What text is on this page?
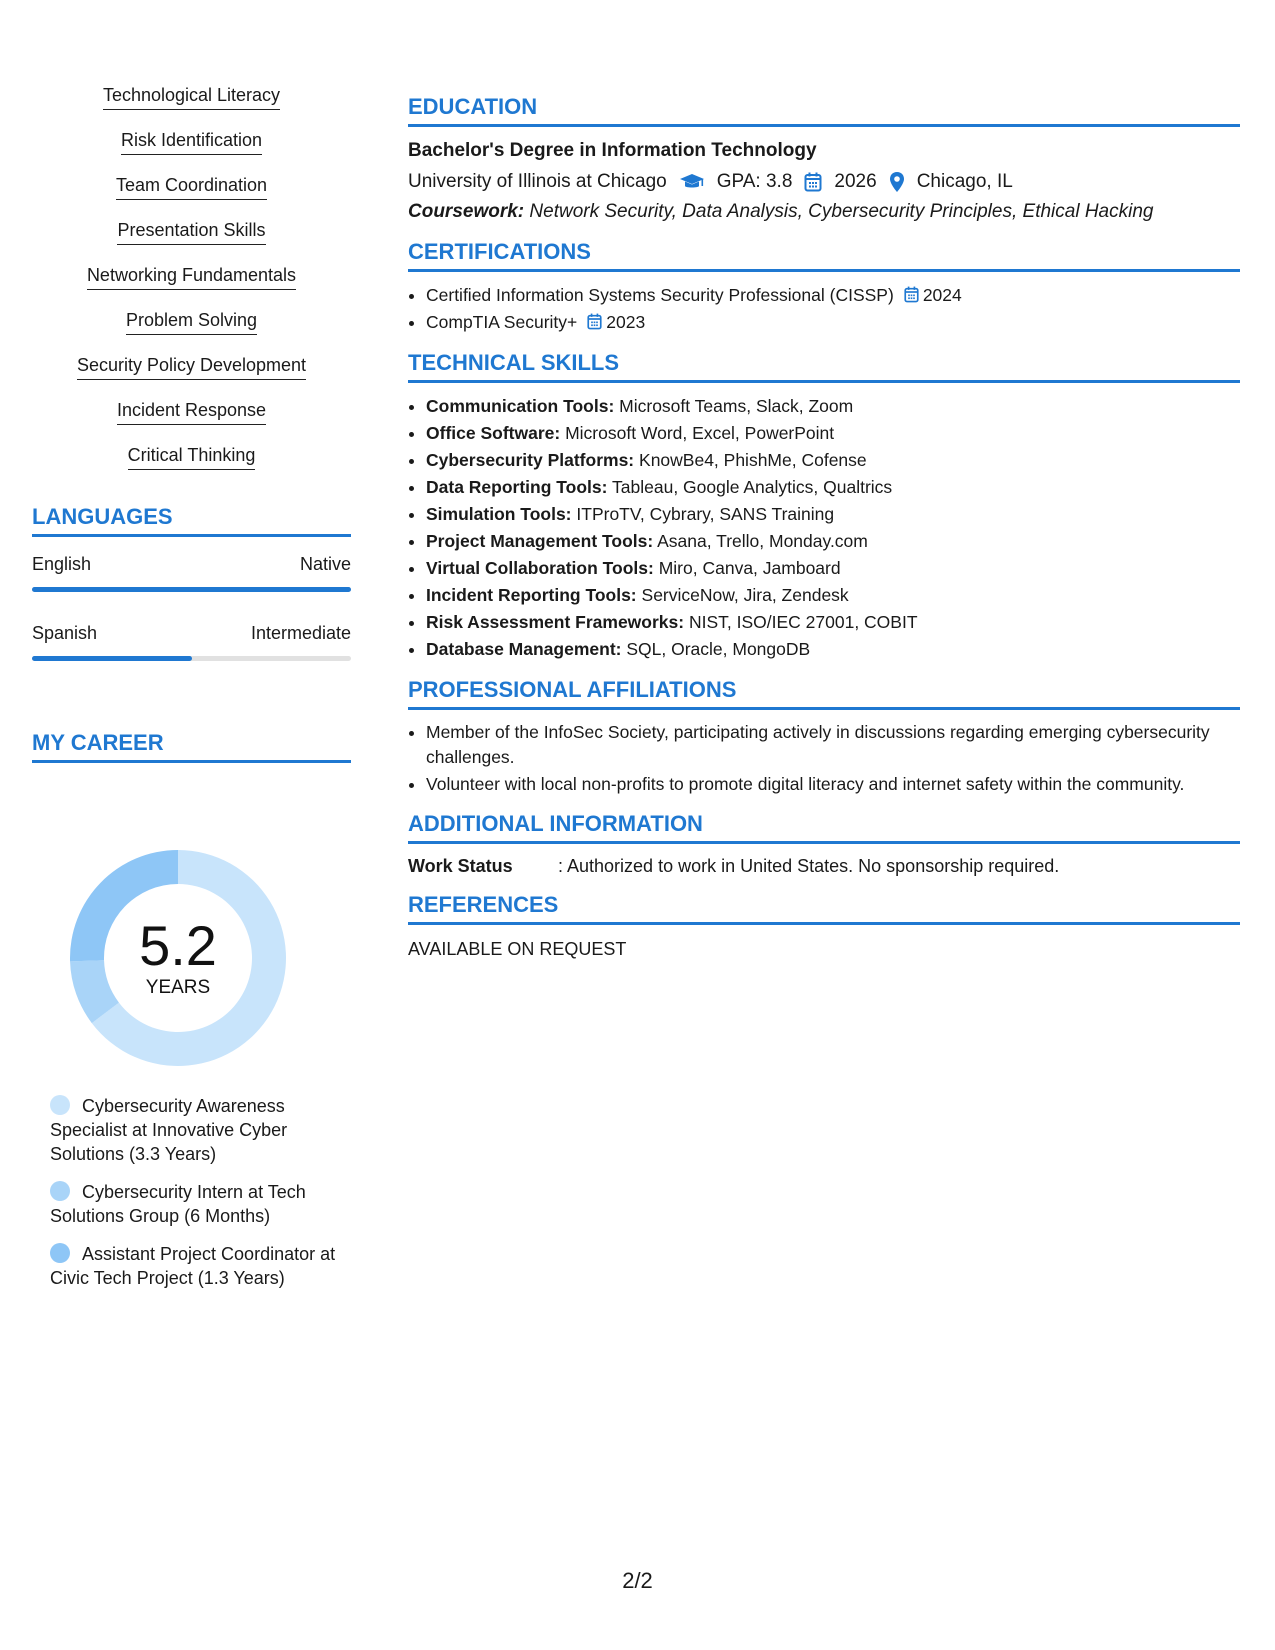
Technological Literacy
Risk Identification
Team Coordination
Presentation Skills
Networking Fundamentals
Problem Solving
Security Policy Development
Incident Response
Critical Thinking
LANGUAGES
English	Native
Spanish	Intermediate
MY CAREER
5.2
YEARS
Cybersecurity Awareness Specialist at Innovative Cyber Solutions (3.3 Years)
Cybersecurity Intern at Tech Solutions Group (6 Months)
Assistant Project Coordinator at Civic Tech Project (1.3 Years)
EDUCATION
Bachelor's Degree in Information Technology
University of Illinois at Chicago	GPA: 3.8 2026 Chicago, IL
Coursework: Network Security, Data Analysis, Cybersecurity Principles, Ethical Hacking
CERTIFICATIONS
• Certified Information Systems Security Professional (CISSP) 2024
• CompTIA Security+ 2023
TECHNICAL SKILLS
• Communication Tools: Microsoft Teams, Slack, Zoom
• Office Software: Microsoft Word, Excel, PowerPoint
• Cybersecurity Platforms: KnowBe4, PhishMe, Cofense
• Data Reporting Tools: Tableau, Google Analytics, Qualtrics
• Simulation Tools: ITProTV, Cybrary, SANS Training
• Project Management Tools: Asana, Trello, Monday.com
• Virtual Collaboration Tools: Miro, Canva, Jamboard
• Incident Reporting Tools: ServiceNow, Jira, Zendesk
• Risk Assessment Frameworks: NIST, ISO/IEC 27001, COBIT
• Database Management: SQL, Oracle, MongoDB
PROFESSIONAL AFFILIATIONS
• Member of the InfoSec Society, participating actively in discussions regarding emerging cybersecurity challenges.
• Volunteer with local non-profits to promote digital literacy and internet safety within the community.
ADDITIONAL INFORMATION
Work Status	: Authorized to work in United States. No sponsorship required.
REFERENCES
AVAILABLE ON REQUEST
2/2
